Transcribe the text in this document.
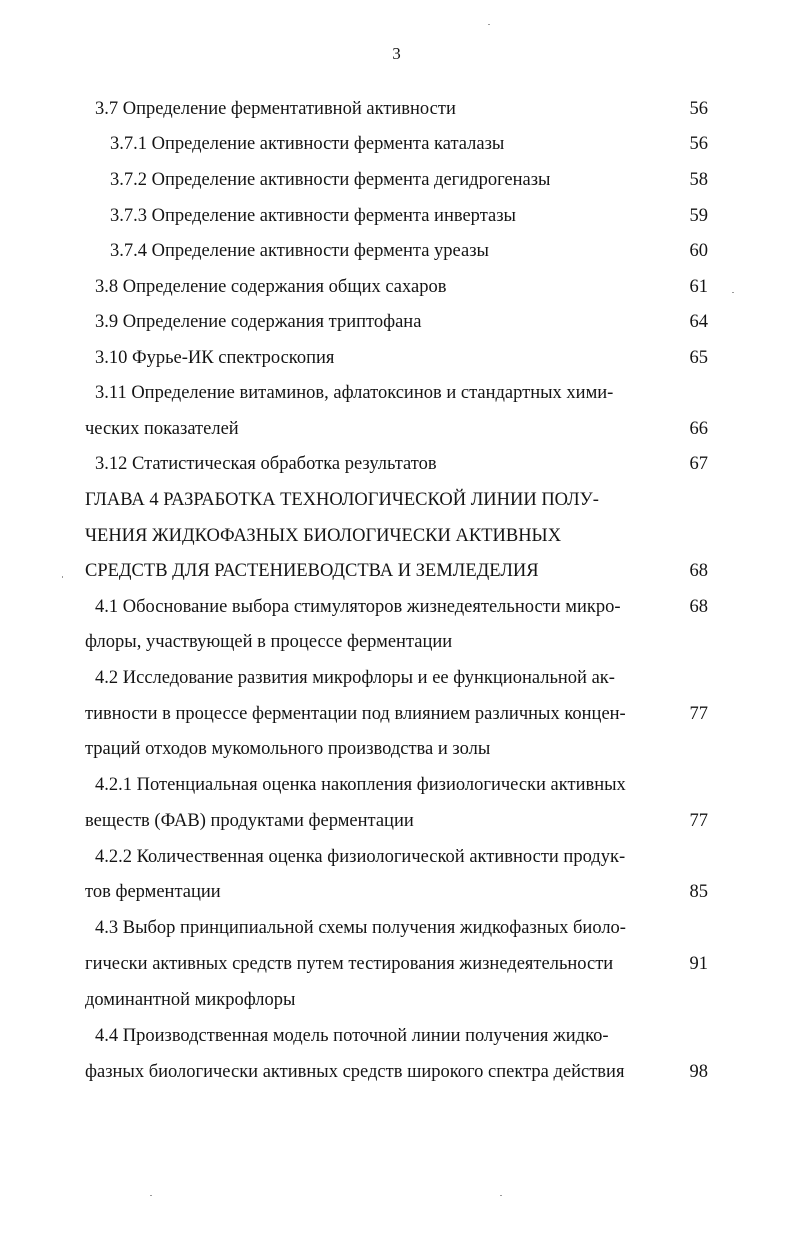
3
3.7 Определение ферментативной активности	56
3.7.1 Определение активности фермента каталазы	56
3.7.2 Определение активности фермента дегидрогеназы	58
3.7.3 Определение активности фермента инвертазы	59
3.7.4 Определение активности фермента уреазы	60
3.8 Определение содержания общих сахаров	61
3.9 Определение содержания триптофана	64
3.10 Фурье-ИК спектроскопия	65
3.11 Определение витаминов, афлатоксинов и стандартных хими-
ческих показателей	66
3.12 Статистическая обработка результатов	67
ГЛАВА 4 РАЗРАБОТКА ТЕХНОЛОГИЧЕСКОЙ ЛИНИИ ПОЛУ-
ЧЕНИЯ ЖИДКОФАЗНЫХ БИОЛОГИЧЕСКИ АКТИВНЫХ
СРЕДСТВ ДЛЯ РАСТЕНИЕВОДСТВА И ЗЕМЛЕДЕЛИЯ	68
4.1 Обоснование выбора стимуляторов жизнедеятельности микро-	68
флоры, участвующей в процессе ферментации
4.2 Исследование развития микрофлоры и ее функциональной ак-
тивности в процессе ферментации под влиянием различных концен-	77
траций отходов мукомольного производства и золы
4.2.1 Потенциальная оценка накопления физиологически активных
веществ (ФАВ) продуктами ферментации	77
4.2.2 Количественная оценка физиологической активности продук-
тов ферментации	85
4.3 Выбор принципиальной схемы получения жидкофазных биоло-
гически активных средств путем тестирования жизнедеятельности	91
доминантной микрофлоры
4.4 Производственная модель поточной линии получения жидко-
фазных биологически активных средств широкого спектра действия	98
